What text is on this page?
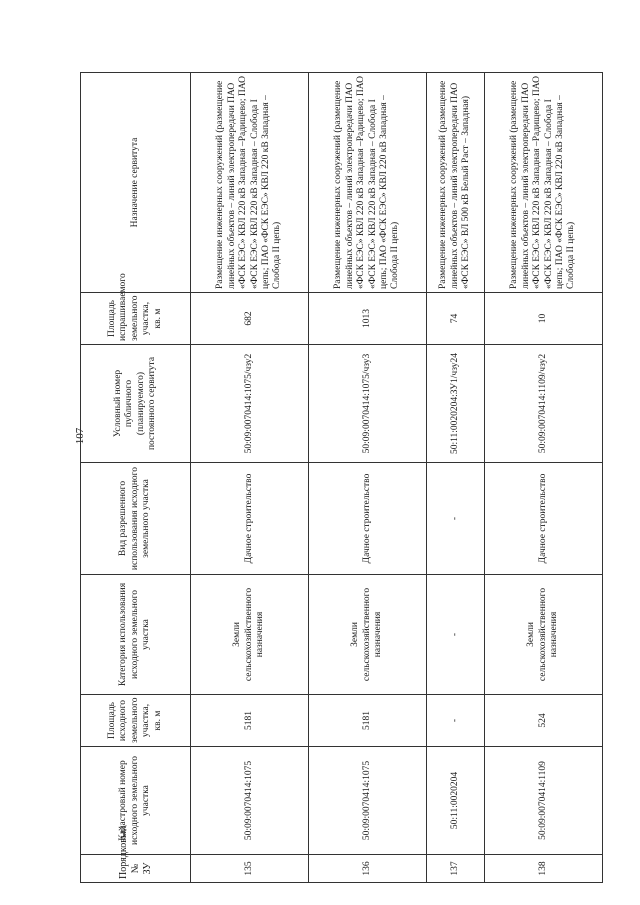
107
Порядковый № ЗУ	Кадастровый номер исходного земельного участка	Площадь исходного земельного участка, кв. м	Категория использования исходного земельного участка	Вид разрешенного использования исходного земельного участка	Условный номер публичного (планируемого) постоянного сервитута	Площадь испрашиваемого земельного участка, кв. м	Назначение сервитута
135	50:09:0070414:1075	5181	Земли сельскохозяйственного назначения	Дачное строительство	50:09:0070414:1075/чзу2	682	Размещение инженерных сооружений (размещение линейных объектов – линий электропередачи ПАО «ФСК ЕЭС» КВЛ 220 кВ Западная –Радищево; ПАО «ФСК ЕЭС» КВЛ 220 кВ Западная – Слобода I цепь; ПАО «ФСК ЕЭС» КВЛ 220 кВ Западная – Слобода II цепь)
136	50:09:0070414:1075	5181	Земли сельскохозяйственного назначения	Дачное строительство	50:09:0070414:1075/чзу3	1013	Размещение инженерных сооружений (размещение линейных объектов – линий электропередачи ПАО «ФСК ЕЭС» КВЛ 220 кВ Западная –Радищево; ПАО «ФСК ЕЭС» КВЛ 220 кВ Западная – Слобода I цепь; ПАО «ФСК ЕЭС» КВЛ 220 кВ Западная – Слобода II цепь)
137	50:11:0020204	-	-	-	50:11:0020204:ЗУ1/чзу24	74	Размещение инженерных сооружений (размещение линейных объектов – линий электропередачи ПАО «ФСК ЕЭС» ВЛ 500 кВ Белый Раст – Западная)
138	50:09:0070414:1109	524	Земли сельскохозяйственного назначения	Дачное строительство	50:09:0070414:1109/чзу2	10	Размещение инженерных сооружений (размещение линейных объектов – линий электропередачи ПАО «ФСК ЕЭС» КВЛ 220 кВ Западная –Радищево; ПАО «ФСК ЕЭС» КВЛ 220 кВ Западная – Слобода I цепь; ПАО «ФСК ЕЭС» КВЛ 220 кВ Западная – Слобода II цепь)
